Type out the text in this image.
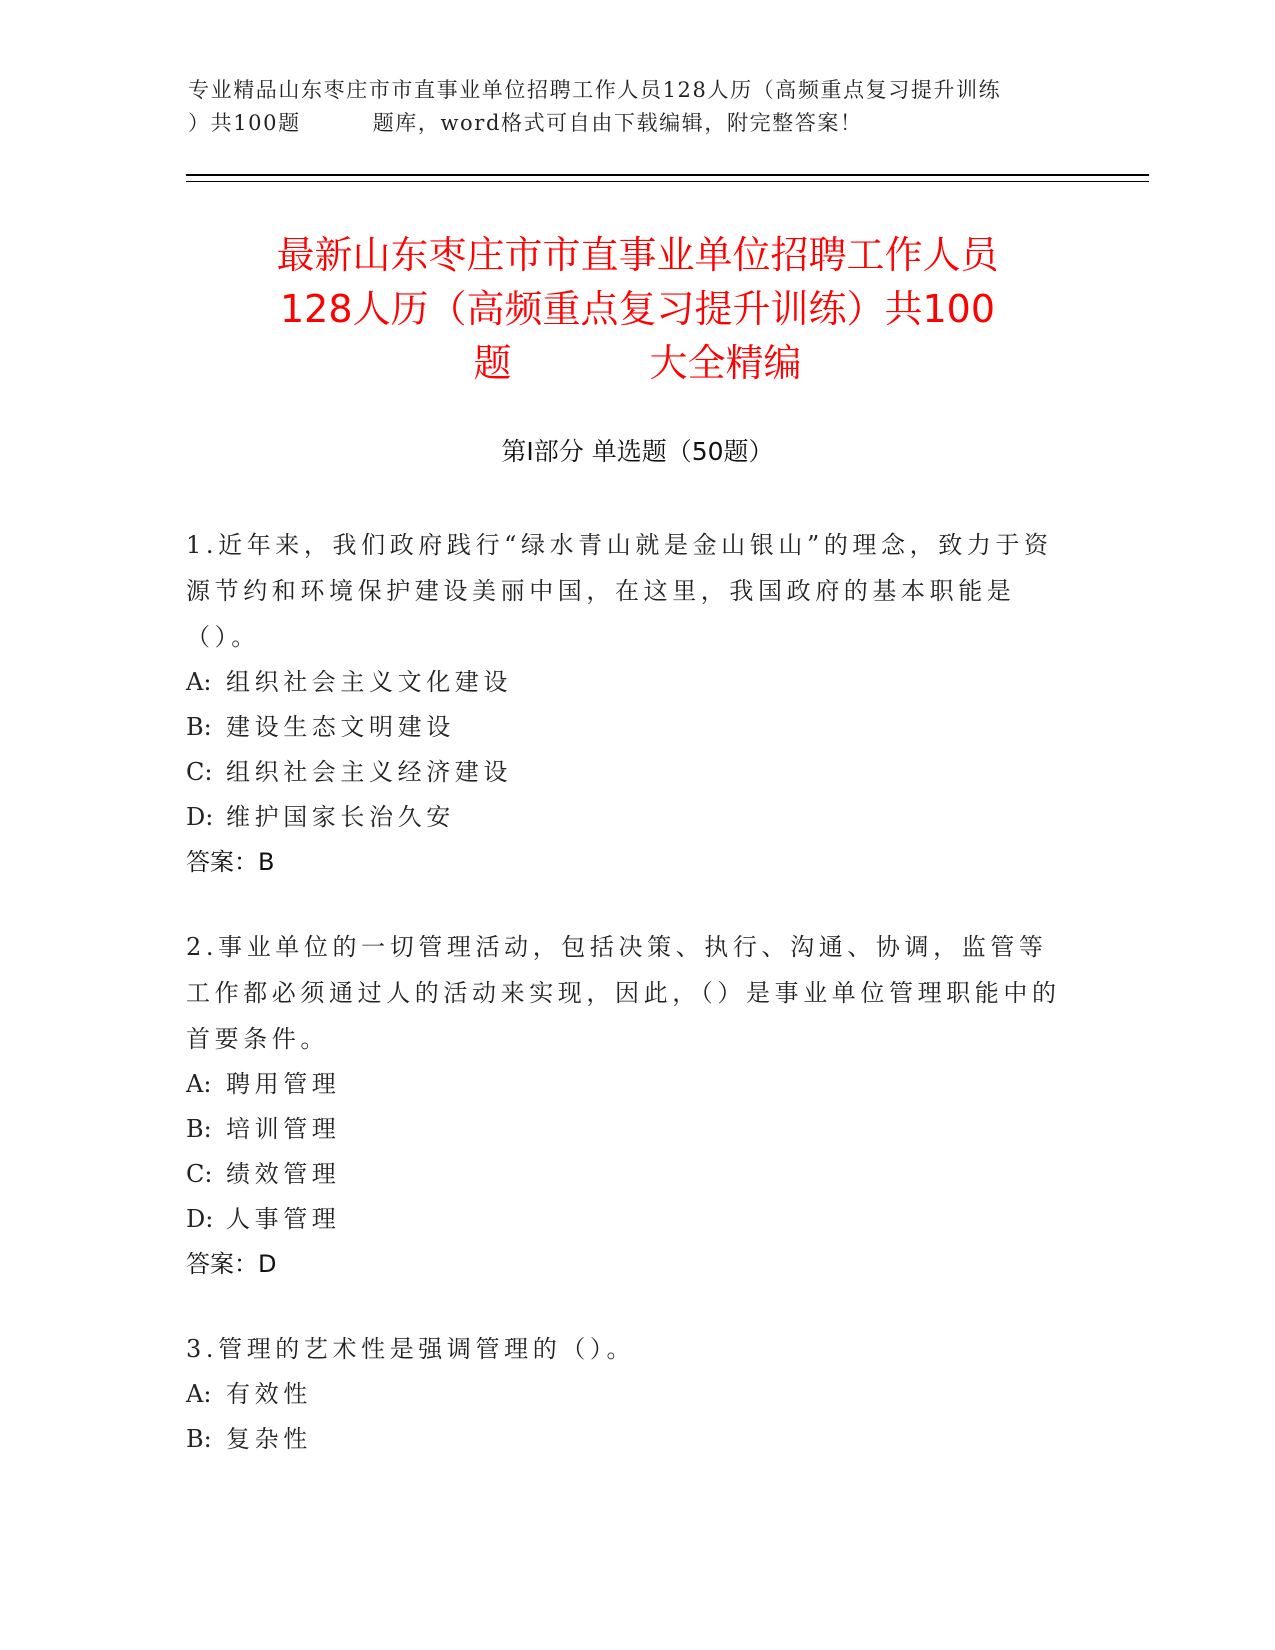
专业精品山东枣庄市市直事业单位招聘工作人员128人历（高频重点复习提升训练
）共100题	题库，word格式可自由下载编辑，附完整答案！
最新山东枣庄市市直事业单位招聘工作人员
128人历（高频重点复习提升训练）共100
题	大全精编
第Ⅰ部分 单选题（50题）

1.近年来，我们政府践行“绿水青山就是金山银山”的理念，致力于资源节约和环境保护建设美丽中国，在这里，我国政府的基本职能是（）。

A: 组织社会主义文化建设
B: 建设生态文明建设
C: 组织社会主义经济建设
D: 维护国家长治久安
答案：B

2.事业单位的一切管理活动，包括决策、执行、沟通、协调，监管等工作都必须通过人的活动来实现，因此，（）是事业单位管理职能中的首要条件。

A: 聘用管理
B: 培训管理
C: 绩效管理
D: 人事管理
答案：D

3.管理的艺术性是强调管理的（）。

A: 有效性
B: 复杂性
